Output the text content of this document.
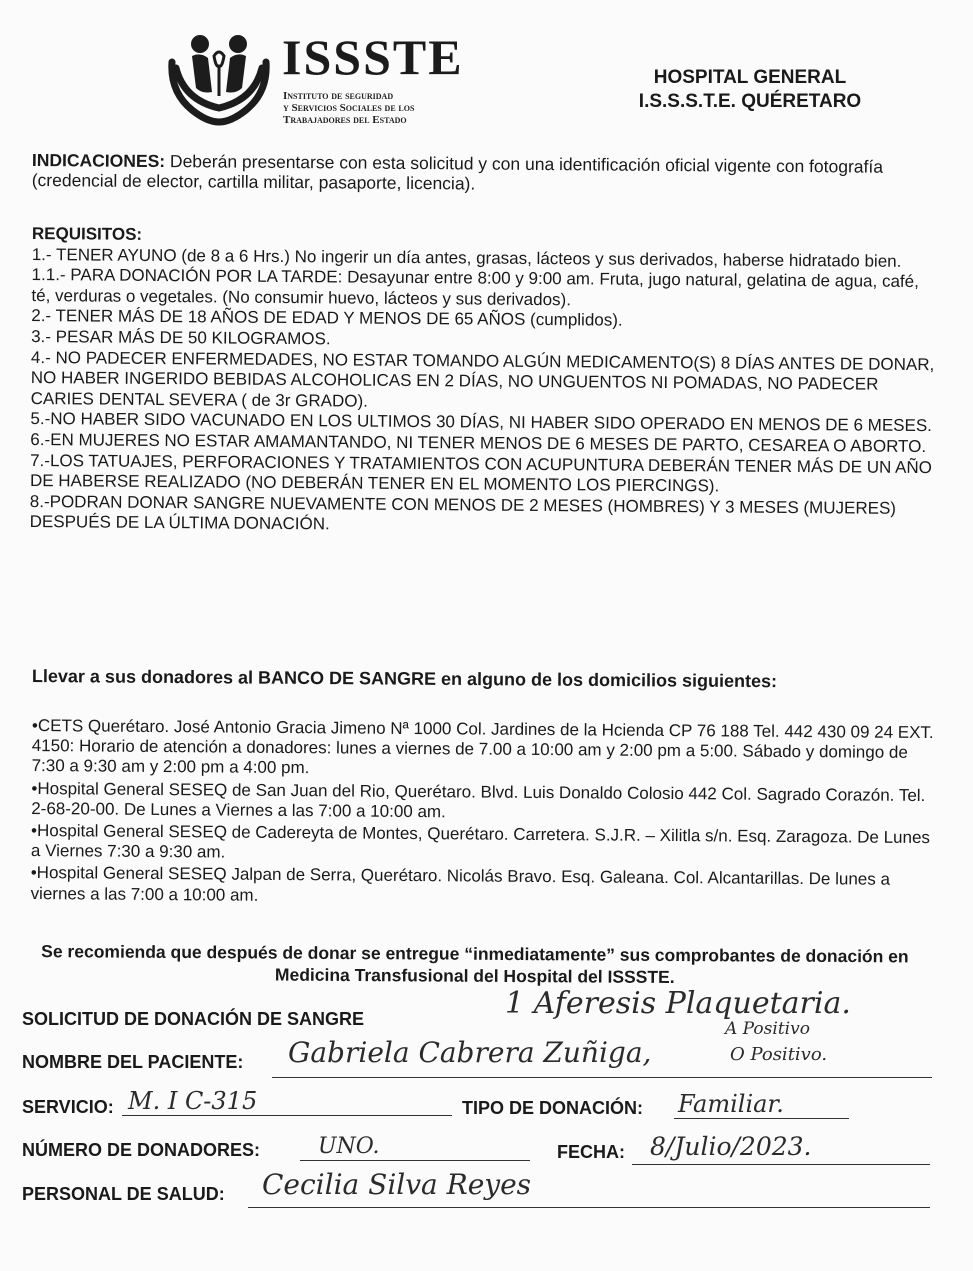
ISSSTE
Instituto de seguridad
y Servicios Sociales de los
Trabajadores del Estado
HOSPITAL GENERAL
I.S.S.S.T.E. QUÉRETARO
INDICACIONES: Deberán presentarse con esta solicitud y con una identificación oficial vigente con fotografía (credencial de elector, cartilla militar, pasaporte, licencia).
REQUISITOS:
1.- TENER AYUNO (de 8 a 6 Hrs.) No ingerir un día antes, grasas, lácteos y sus derivados, haberse hidratado bien.
1.1.- PARA DONACIÓN POR LA TARDE: Desayunar entre 8:00 y 9:00 am. Fruta, jugo natural, gelatina de agua, café, té, verduras o vegetales. (No consumir huevo, lácteos y sus derivados).
2.- TENER MÁS DE 18 AÑOS DE EDAD Y MENOS DE 65 AÑOS (cumplidos).
3.- PESAR MÁS DE 50 KILOGRAMOS.
4.- NO PADECER ENFERMEDADES, NO ESTAR TOMANDO ALGÚN MEDICAMENTO(S) 8 DÍAS ANTES DE DONAR, NO HABER INGERIDO BEBIDAS ALCOHOLICAS EN 2 DÍAS, NO UNGUENTOS NI POMADAS, NO PADECER CARIES DENTAL SEVERA ( de 3r GRADO).
5.-NO HABER SIDO VACUNADO EN LOS ULTIMOS 30 DÍAS, NI HABER SIDO OPERADO EN MENOS DE 6 MESES.
6.-EN MUJERES NO ESTAR AMAMANTANDO, NI TENER MENOS DE 6 MESES DE PARTO, CESAREA O ABORTO.
7.-LOS TATUAJES, PERFORACIONES Y TRATAMIENTOS CON ACUPUNTURA DEBERÁN TENER MÁS DE UN AÑO DE HABERSE REALIZADO (NO DEBERÁN TENER EN EL MOMENTO LOS PIERCINGS).
8.-PODRAN DONAR SANGRE NUEVAMENTE CON MENOS DE 2 MESES (HOMBRES) Y 3 MESES (MUJERES) DESPUÉS DE LA ÚLTIMA DONACIÓN.
Llevar a sus donadores al BANCO DE SANGRE en alguno de los domicilios siguientes:
•CETS Querétaro. José Antonio Gracia Jimeno Nª 1000 Col. Jardines de la Hcienda CP 76 188 Tel. 442 430 09 24 EXT. 4150: Horario de atención a donadores: lunes a viernes de 7.00 a 10:00 am y 2:00 pm a 5:00. Sábado y domingo de 7:30 a 9:30 am y 2:00 pm a 4:00 pm.
•Hospital General SESEQ de San Juan del Rio, Querétaro. Blvd. Luis Donaldo Colosio 442 Col. Sagrado Corazón. Tel. 2-68-20-00. De Lunes a Viernes a las 7:00 a 10:00 am.
•Hospital General SESEQ de Cadereyta de Montes, Querétaro. Carretera. S.J.R. – Xilitla s/n. Esq. Zaragoza. De Lunes a Viernes 7:30 a 9:30 am.
•Hospital General SESEQ Jalpan de Serra, Querétaro. Nicolás Bravo. Esq. Galeana. Col. Alcantarillas. De lunes a viernes a las 7:00 a 10:00 am.
Se recomienda que después de donar se entregue “inmediatamente” sus comprobantes de donación en Medicina Transfusional del Hospital del ISSSTE.
SOLICITUD DE DONACIÓN DE SANGRE	1 Aferesis Plaquetaria.
A Positivo
NOMBRE DEL PACIENTE: Gabriela Cabrera Zuñiga,	O Positivo.
SERVICIO: M. I C-315	TIPO DE DONACIÓN: Familiar.
NÚMERO DE DONADORES:	UNO.	FECHA: 8/Julio/2023.
PERSONAL DE SALUD: Cecilia Silva Reyes
